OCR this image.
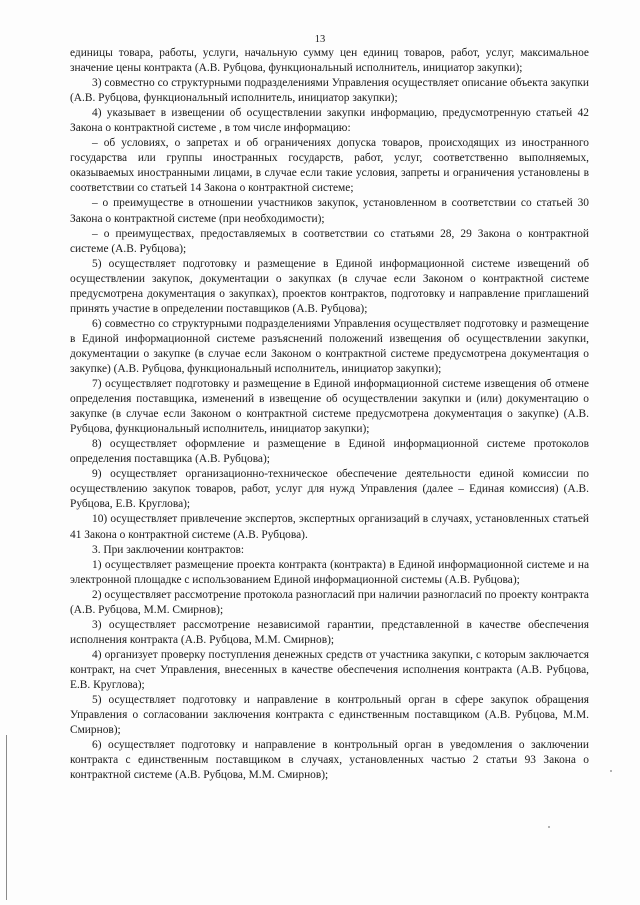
13

единицы товара, работы, услуги, начальную сумму цен единиц товаров, работ, услуг, максимальное значение цены контракта (А.В. Рубцова, функциональный исполнитель, инициатор закупки);

3) совместно со структурными подразделениями Управления осуществляет описание объекта закупки (А.В. Рубцова, функциональный исполнитель, инициатор закупки);

4) указывает в извещении об осуществлении закупки информацию, предусмотренную статьей 42 Закона о контрактной системе , в том числе информацию:

– об условиях, о запретах и об ограничениях допуска товаров, происходящих из иностранного государства или группы иностранных государств, работ, услуг, соответственно выполняемых, оказываемых иностранными лицами, в случае если такие условия, запреты и ограничения установлены в соответствии со статьей 14 Закона о контрактной системе;

– о преимуществе в отношении участников закупок, установленном в соответствии со статьей 30 Закона о контрактной системе (при необходимости);

– о преимуществах, предоставляемых в соответствии со статьями 28, 29 Закона о контрактной системе (А.В. Рубцова);

5) осуществляет подготовку и размещение в Единой информационной системе извещений об осуществлении закупок, документации о закупках (в случае если Законом о контрактной системе предусмотрена документация о закупках), проектов контрактов, подготовку и направление приглашений принять участие в определении поставщиков (А.В. Рубцова);

6) совместно со структурными подразделениями Управления осуществляет подготовку и размещение в Единой информационной системе разъяснений положений извещения об осуществлении закупки, документации о закупке (в случае если Законом о контрактной системе предусмотрена документация о закупке) (А.В. Рубцова, функциональный исполнитель, инициатор закупки);

7) осуществляет подготовку и размещение в Единой информационной системе извещения об отмене определения поставщика, изменений в извещение об осуществлении закупки и (или) документацию о закупке (в случае если Законом о контрактной системе предусмотрена документация о закупке) (А.В. Рубцова, функциональный исполнитель, инициатор закупки);

8) осуществляет оформление и размещение в Единой информационной системе протоколов определения поставщика (А.В. Рубцова);

9) осуществляет организационно-техническое обеспечение деятельности единой комиссии по осуществлению закупок товаров, работ, услуг для нужд Управления (далее – Единая комиссия) (А.В. Рубцова, Е.В. Круглова);

10) осуществляет привлечение экспертов, экспертных организаций в случаях, установленных статьей 41 Закона о контрактной системе (А.В. Рубцова).

3. При заключении контрактов:

1) осуществляет размещение проекта контракта (контракта) в Единой информационной системе и на электронной площадке с использованием Единой информационной системы (А.В. Рубцова);

2) осуществляет рассмотрение протокола разногласий при наличии разногласий по проекту контракта (А.В. Рубцова, М.М. Смирнов);

3) осуществляет рассмотрение независимой гарантии, представленной в качестве обеспечения исполнения контракта (А.В. Рубцова, М.М. Смирнов);

4) организует проверку поступления денежных средств от участника закупки, с которым заключается контракт, на счет Управления, внесенных в качестве обеспечения исполнения контракта (А.В. Рубцова, Е.В. Круглова);

5) осуществляет подготовку и направление в контрольный орган в сфере закупок обращения Управления о согласовании заключения контракта с единственным поставщиком (А.В. Рубцова, М.М. Смирнов);

6) осуществляет подготовку и направление в контрольный орган в уведомления о заключении контракта с единственным поставщиком в случаях, установленных частью 2 статьи 93 Закона о контрактной системе (А.В. Рубцова, М.М. Смирнов);
